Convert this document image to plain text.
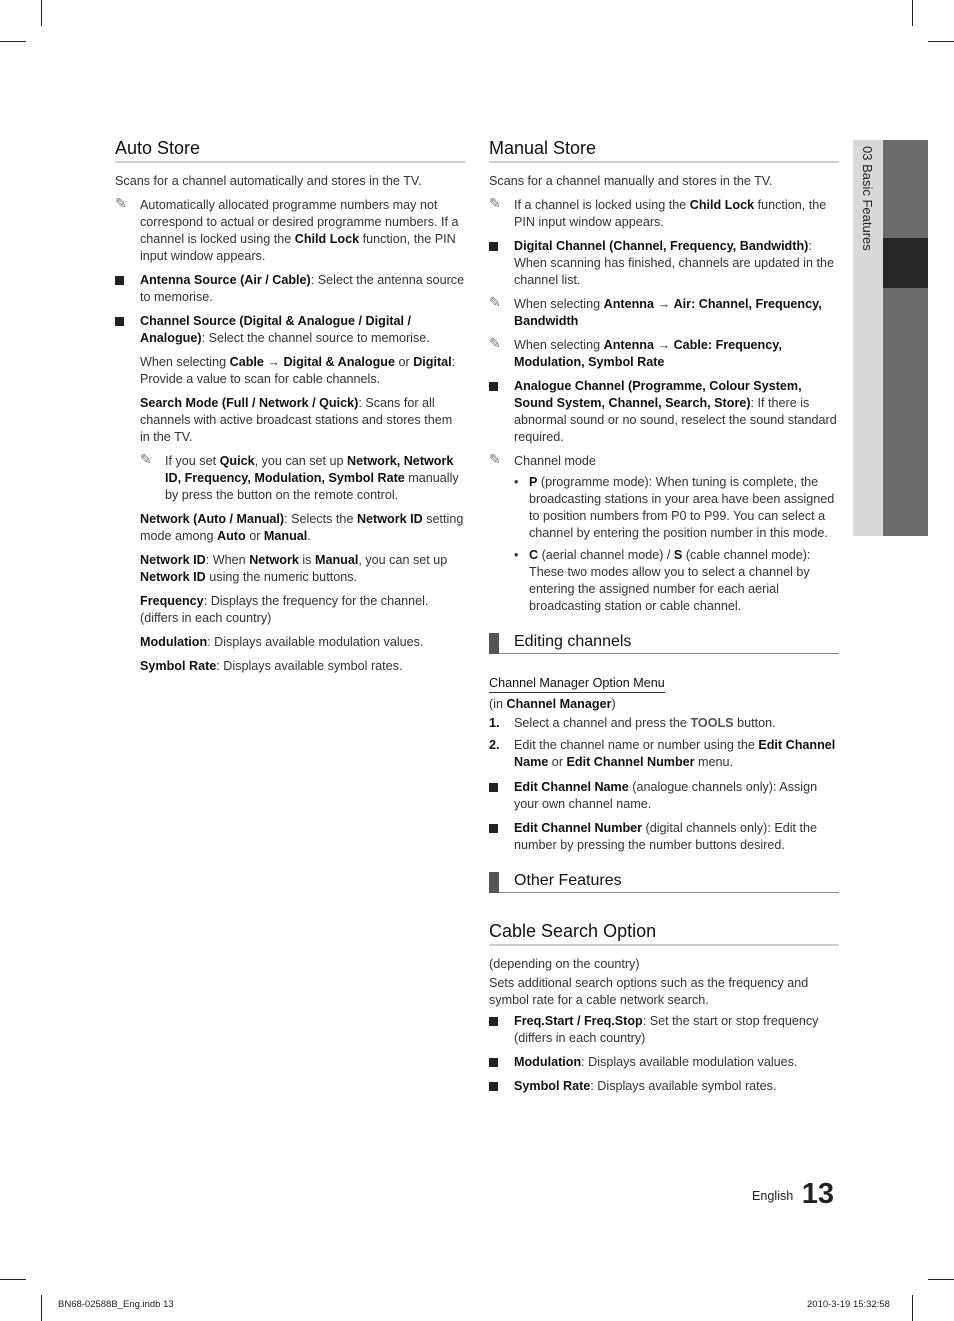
03 Basic Features
Auto Store
Scans for a channel automatically and stores in the TV.
✎ Automatically allocated programme numbers may not correspond to actual or desired programme numbers. If a channel is locked using the Child Lock function, the PIN input window appears.
Antenna Source (Air / Cable): Select the antenna source to memorise.
Channel Source (Digital & Analogue / Digital / Analogue): Select the channel source to memorise.
When selecting Cable → Digital & Analogue or Digital: Provide a value to scan for cable channels.
Search Mode (Full / Network / Quick): Scans for all channels with active broadcast stations and stores them in the TV.
✎ If you set Quick, you can set up Network, Network ID, Frequency, Modulation, Symbol Rate manually by press the button on the remote control.
Network (Auto / Manual): Selects the Network ID setting mode among Auto or Manual.
Network ID: When Network is Manual, you can set up Network ID using the numeric buttons.
Frequency: Displays the frequency for the channel. (differs in each country)
Modulation: Displays available modulation values.
Symbol Rate: Displays available symbol rates.
Manual Store
Scans for a channel manually and stores in the TV.
✎ If a channel is locked using the Child Lock function, the PIN input window appears.
Digital Channel (Channel, Frequency, Bandwidth): When scanning has finished, channels are updated in the channel list.
✎ When selecting Antenna → Air: Channel, Frequency, Bandwidth
✎ When selecting Antenna → Cable: Frequency, Modulation, Symbol Rate
Analogue Channel (Programme, Colour System, Sound System, Channel, Search, Store): If there is abnormal sound or no sound, reselect the sound standard required.
✎ Channel mode
• P (programme mode): When tuning is complete, the broadcasting stations in your area have been assigned to position numbers from P0 to P99. You can select a channel by entering the position number in this mode.
• C (aerial channel mode) / S (cable channel mode): These two modes allow you to select a channel by entering the assigned number for each aerial broadcasting station or cable channel.
Editing channels
Channel Manager Option Menu
(in Channel Manager)
1. Select a channel and press the TOOLS button.
2. Edit the channel name or number using the Edit Channel Name or Edit Channel Number menu.
Edit Channel Name (analogue channels only): Assign your own channel name.
Edit Channel Number (digital channels only): Edit the number by pressing the number buttons desired.
Other Features
Cable Search Option
(depending on the country)
Sets additional search options such as the frequency and symbol rate for a cable network search.
Freq.Start / Freq.Stop: Set the start or stop frequency (differs in each country)
Modulation: Displays available modulation values.
Symbol Rate: Displays available symbol rates.
English 13
BN68-02588B_Eng.indb 13	2010-3-19 15:32:58
